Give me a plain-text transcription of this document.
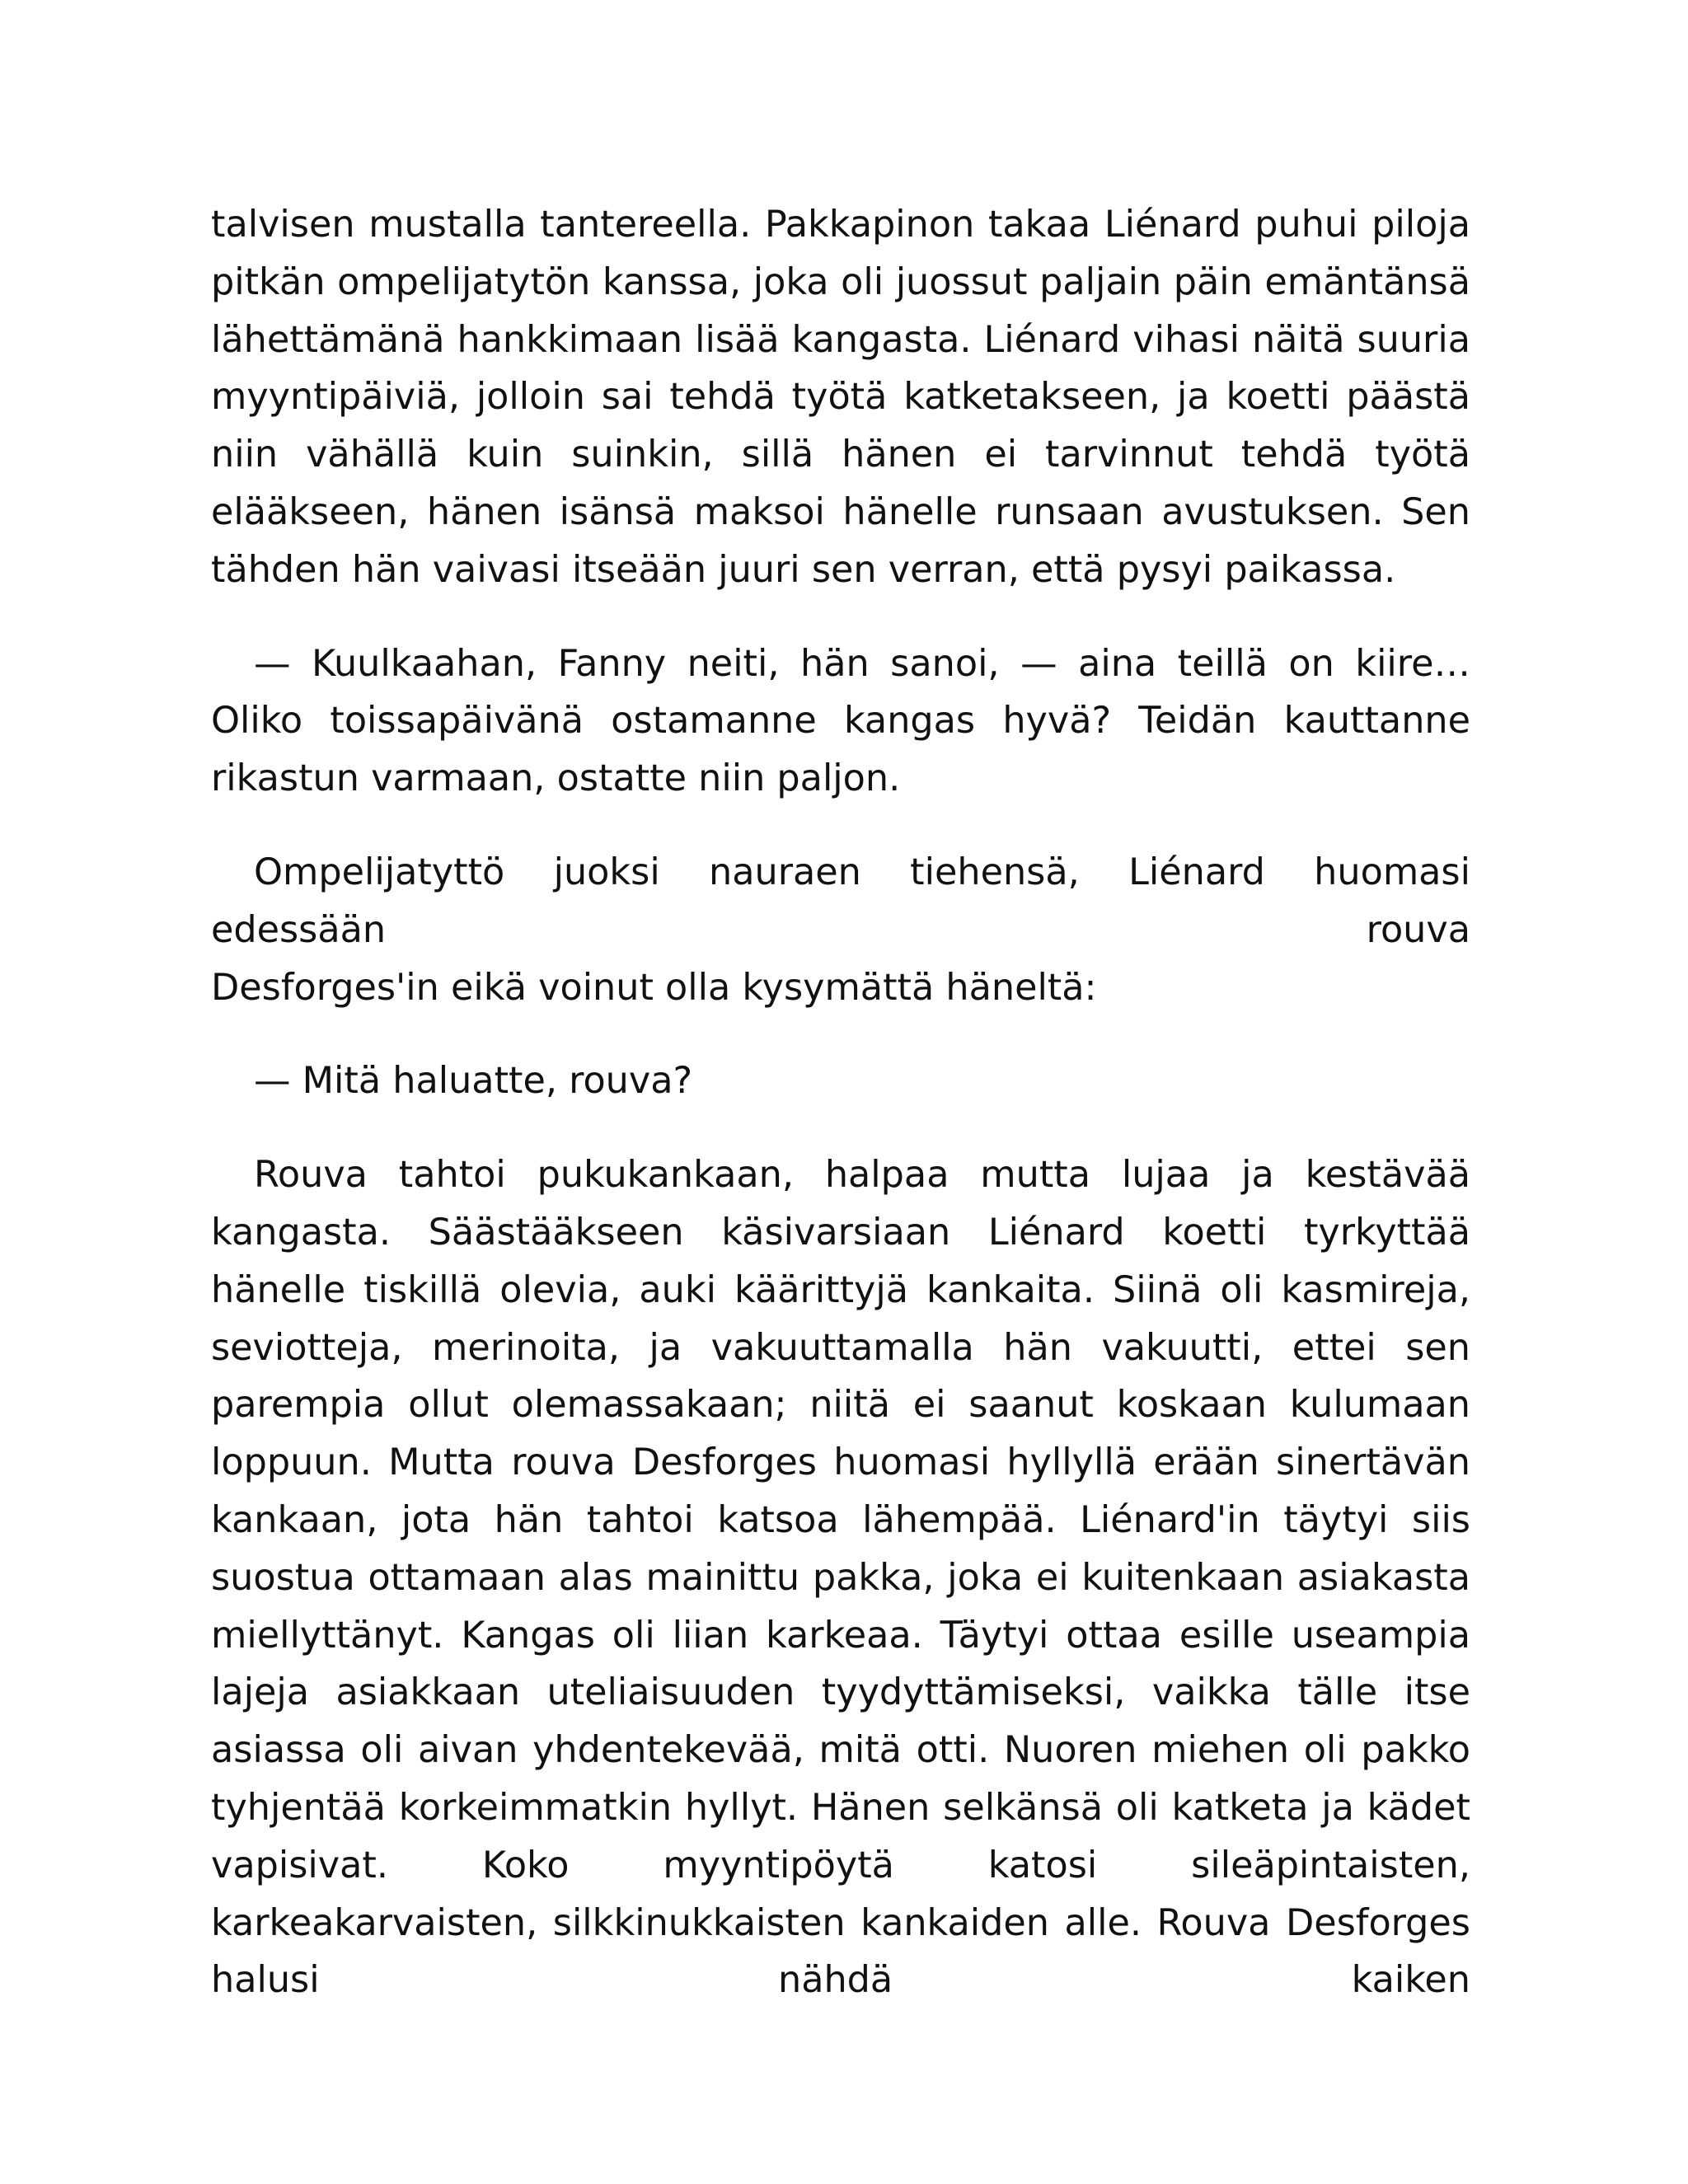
talvisen mustalla tantereella. Pakkapinon takaa Liénard puhui piloja pitkän ompelijatytön kanssa, joka oli juossut paljain päin emäntänsä lähettämänä hankkimaan lisää kangasta. Liénard vihasi näitä suuria myyntipäiviä, jolloin sai tehdä työtä katketakseen, ja koetti päästä niin vähällä kuin suinkin, sillä hänen ei tarvinnut tehdä työtä elääkseen, hänen isänsä maksoi hänelle runsaan avustuksen. Sen tähden hän vaivasi itseään juuri sen verran, että pysyi paikassa.

— Kuulkaahan, Fanny neiti, hän sanoi, — aina teillä on kiire… Oliko toissapäivänä ostamanne kangas hyvä? Teidän kauttanne rikastun varmaan, ostatte niin paljon.

Ompelijatyttö juoksi nauraen tiehensä, Liénard huomasi edessään rouva

Desforges'in eikä voinut olla kysymättä häneltä:

— Mitä haluatte, rouva?

Rouva tahtoi pukukankaan, halpaa mutta lujaa ja kestävää kangasta. Säästääkseen käsivarsiaan Liénard koetti tyrkyttää hänelle tiskillä olevia, auki käärittyjä kankaita. Siinä oli kasmireja, seviotteja, merinoita, ja vakuuttamalla hän vakuutti, ettei sen parempia ollut olemassakaan; niitä ei saanut koskaan kulumaan loppuun. Mutta rouva Desforges huomasi hyllyllä erään sinertävän kankaan, jota hän tahtoi katsoa lähempää. Liénard'in täytyi siis suostua ottamaan alas mainittu pakka, joka ei kuitenkaan asiakasta miellyttänyt. Kangas oli liian karkeaa. Täytyi ottaa esille useampia lajeja asiakkaan uteliaisuuden tyydyttämiseksi, vaikka tälle itse asiassa oli aivan yhdentekevää, mitä otti. Nuoren miehen oli pakko tyhjentää korkeimmatkin hyllyt. Hänen selkänsä oli katketa ja kädet vapisivat. Koko myyntipöytä katosi sileäpintaisten, karkeakarvaisten, silkkinukkaisten kankaiden alle. Rouva Desforges halusi nähdä kaiken
